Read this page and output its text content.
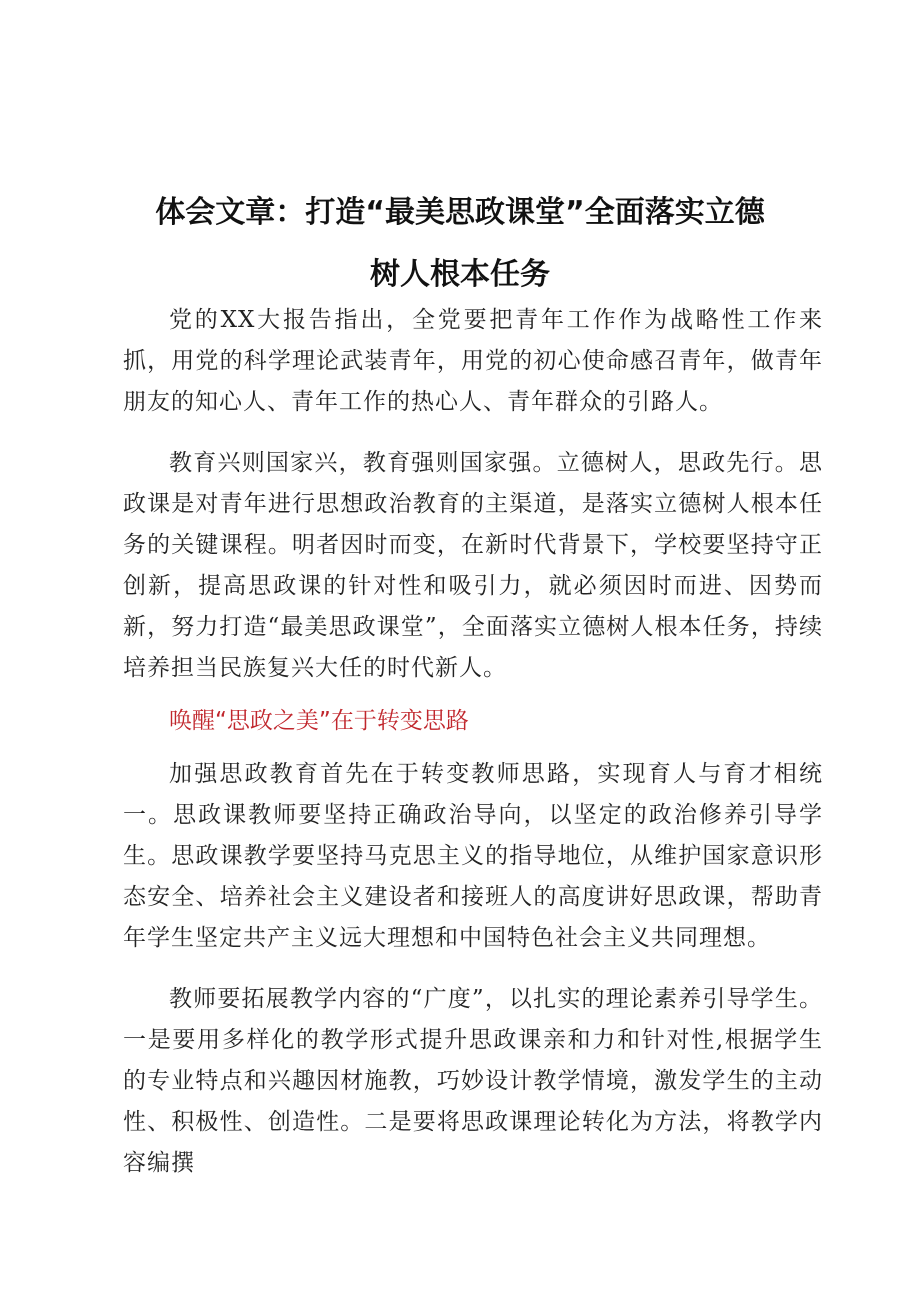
体会文章：打造“最美思政课堂”全面落实立德
树人根本任务

党的XX大报告指出，全党要把青年工作作为战略性工作来抓，用党的科学理论武装青年，用党的初心使命感召青年，做青年朋友的知心人、青年工作的热心人、青年群众的引路人。

教育兴则国家兴，教育强则国家强。立德树人，思政先行。思政课是对青年进行思想政治教育的主渠道，是落实立德树人根本任务的关键课程。明者因时而变，在新时代背景下，学校要坚持守正创新，提高思政课的针对性和吸引力，就必须因时而进、因势而新，努力打造“最美思政课堂”，全面落实立德树人根本任务，持续培养担当民族复兴大任的时代新人。

唤醒“思政之美”在于转变思路

加强思政教育首先在于转变教师思路，实现育人与育才相统一。思政课教师要坚持正确政治导向，以坚定的政治修养引导学生。思政课教学要坚持马克思主义的指导地位，从维护国家意识形态安全、培养社会主义建设者和接班人的高度讲好思政课，帮助青年学生坚定共产主义远大理想和中国特色社会主义共同理想。

教师要拓展教学内容的“广度”，以扎实的理论素养引导学生。一是要用多样化的教学形式提升思政课亲和力和针对性,根据学生的专业特点和兴趣因材施教，巧妙设计教学情境，激发学生的主动性、积极性、创造性。二是要将思政课理论转化为方法，将教学内容编撰
